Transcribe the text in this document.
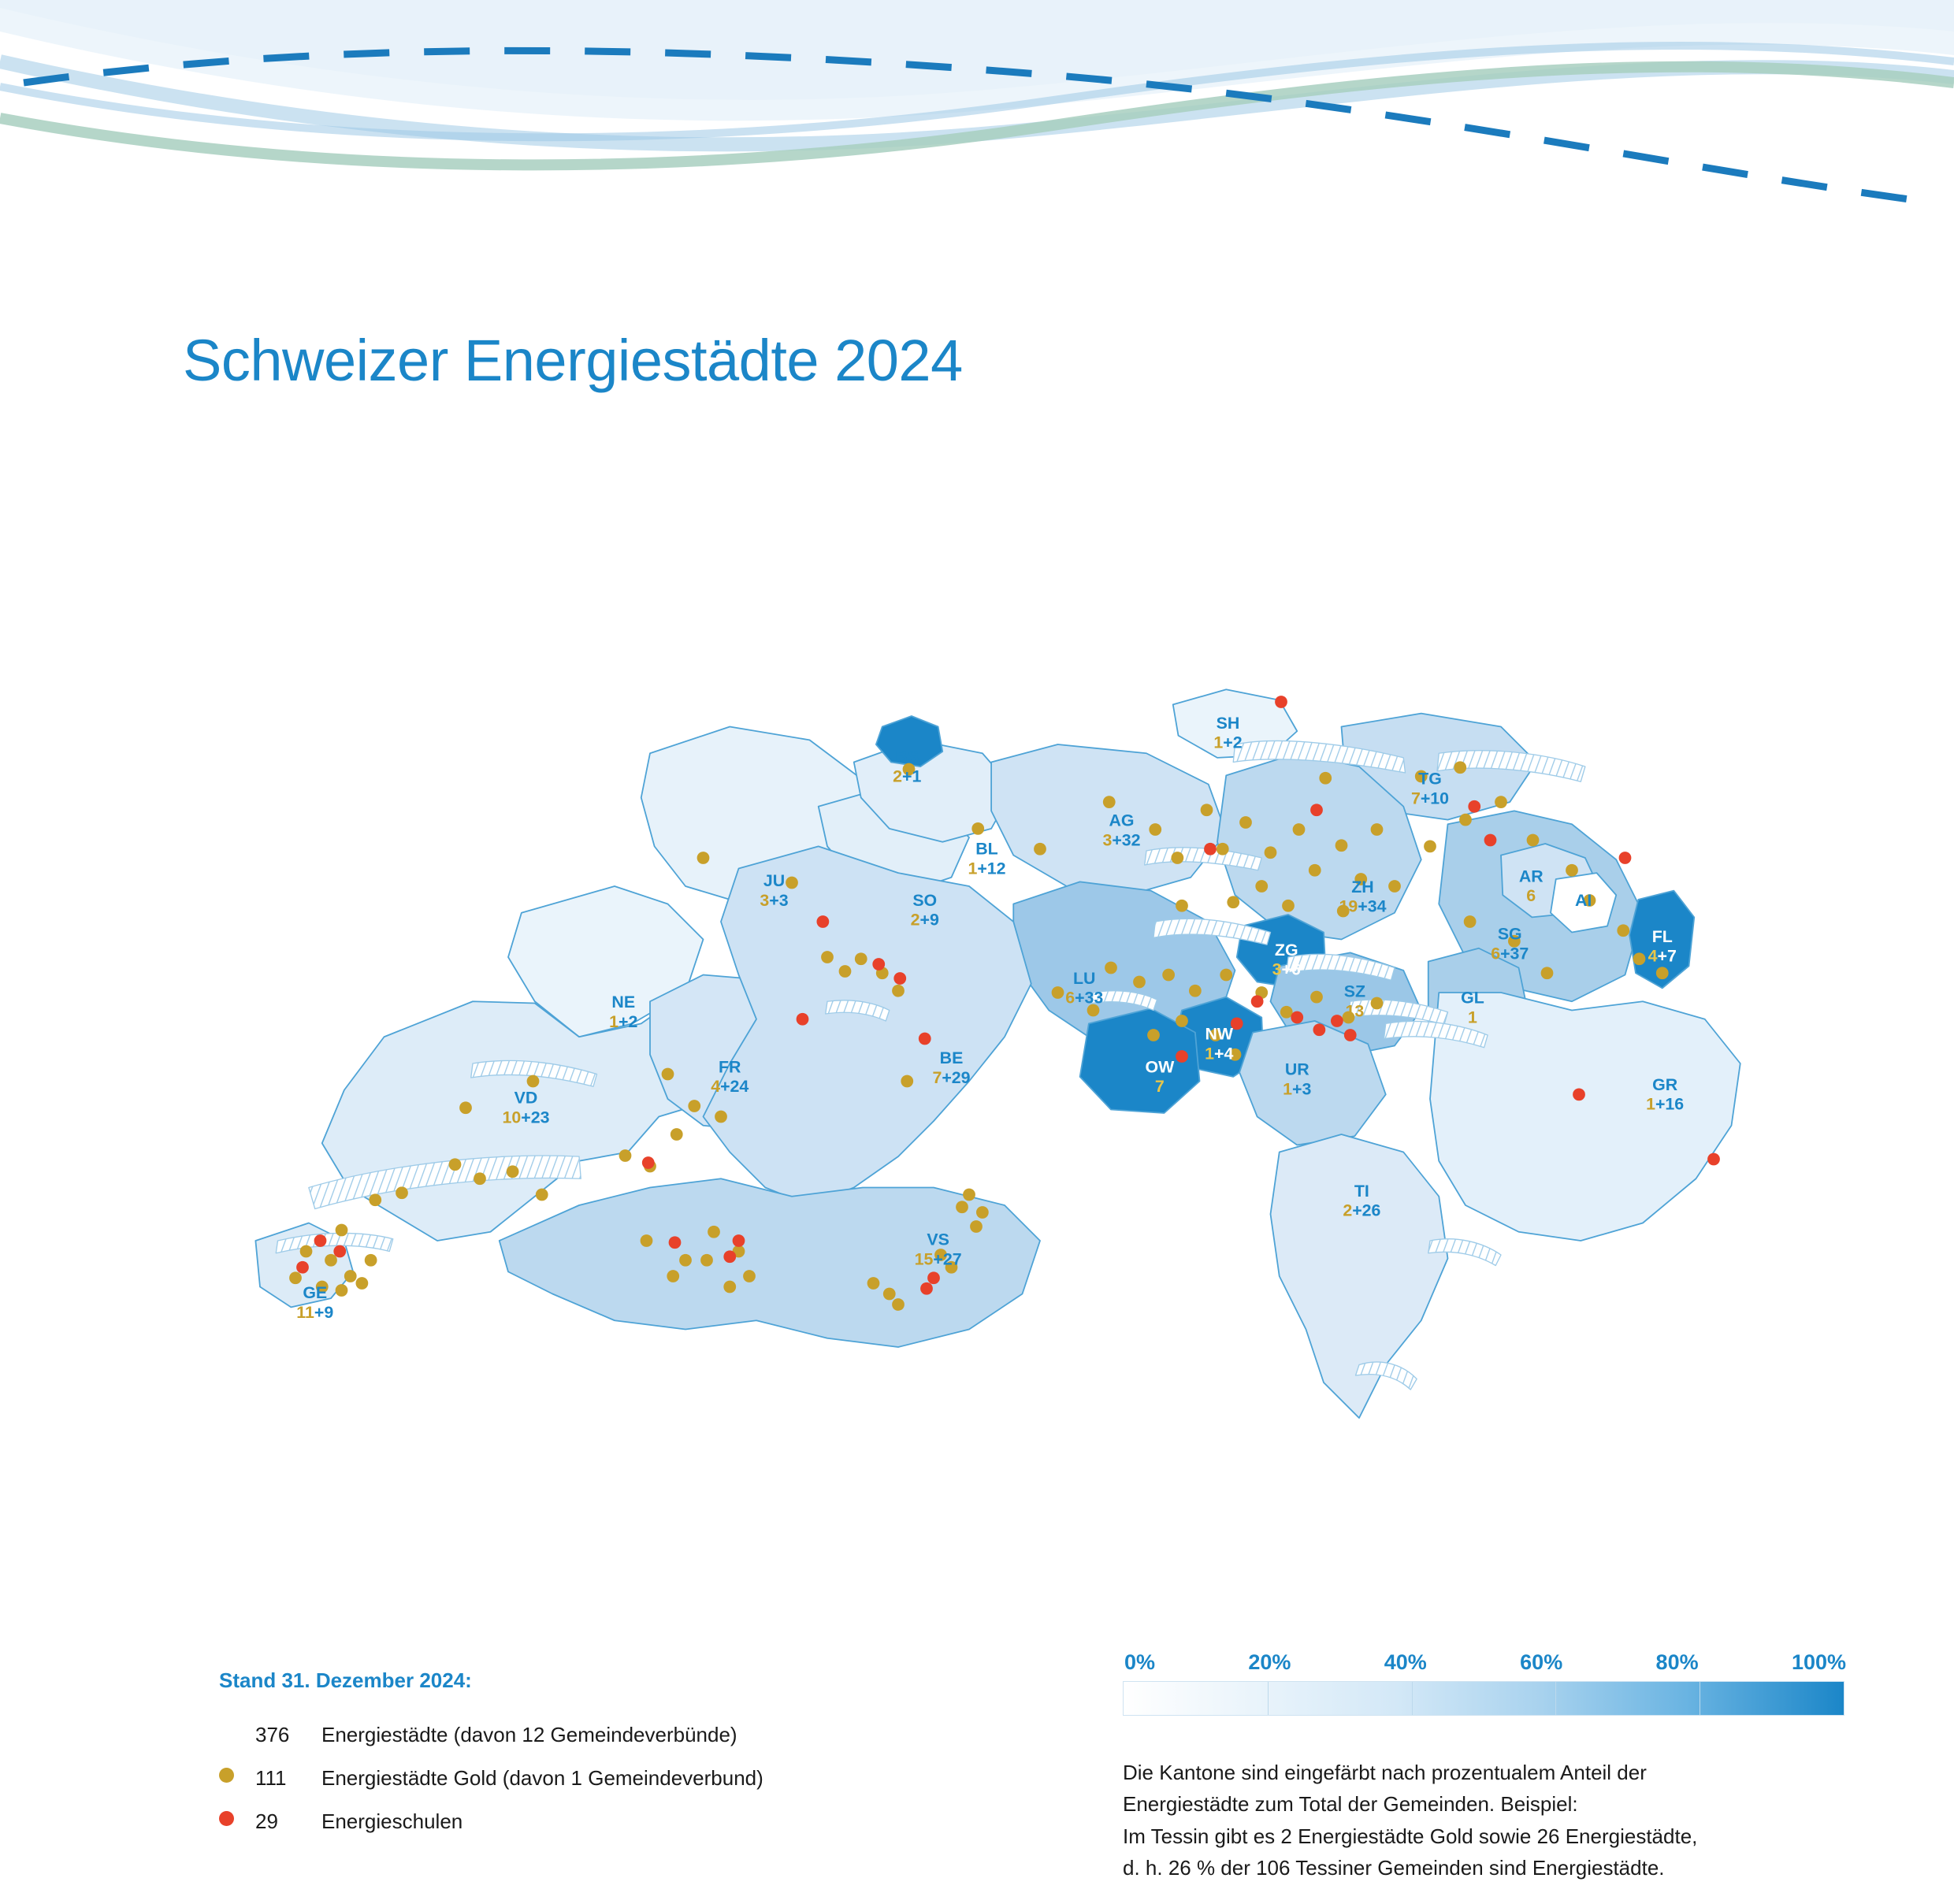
Schweizer Energiestädte 2024
SH
1+2
TG
7+10
BS
2+1
AG
3+32
BL
1+12
JU
3+3	SO
2+9
ZH
19+34
AR
6	AI
SG
6+37
FL
4+7
ZG
3+6
LU
6+33	SZ
13
GL
1
NE
1+2
NW
1+4
OW
7
UR
1+3
BE
7+29
FR
4+24
VD
10+23
GR
1+16
TI
2+26
VS
15+27
GE
11+9
Stand 31. Dezember 2024:
376	Energiestädte (davon 12 Gemeindeverbünde)
111	Energiestädte Gold (davon 1 Gemeindeverbund)
29	Energieschulen
0%	20%	40%	60%	80%	100%
Die Kantone sind eingefärbt nach prozentualem Anteil der
Energiestädte zum Total der Gemeinden. Beispiel:
Im Tessin gibt es 2 Energiestädte Gold sowie 26 Energiestädte,
d. h. 26 % der 106 Tessiner Gemeinden sind Energiestädte.
